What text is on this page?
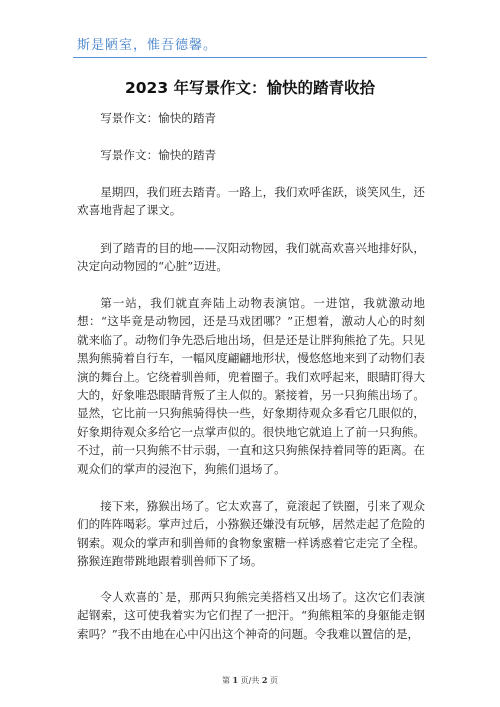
斯是陋室，惟吾德馨。
2023 年写景作文：愉快的踏青收拾

写景作文：愉快的踏青

写景作文：愉快的踏青

星期四，我们班去踏青。一路上，我们欢呼雀跃，谈笑风生，还欢喜地背起了课文。

到了踏青的目的地——汉阳动物园，我们就高欢喜兴地排好队，决定向动物园的“心脏”迈进。

第一站，我们就直奔陆上动物表演馆。一进馆，我就激动地想：“这毕竟是动物园，还是马戏团哪？”正想着，激动人心的时刻就来临了。动物们争先恐后地出场，但是还是让胖狗熊抢了先。只见黑狗熊骑着自行车，一幅风度翩翩地形状，慢悠悠地来到了动物们表演的舞台上。它绕着驯兽师，兜着圈子。我们欢呼起来，眼睛盯得大大的，好象唯恐眼睛背叛了主人似的。紧接着，另一只狗熊出场了。显然，它比前一只狗熊骑得快一些，好象期待观众多看它几眼似的，好象期待观众多给它一点掌声似的。很快地它就追上了前一只狗熊。不过，前一只狗熊不甘示弱，一直和这只狗熊保持着同等的距离。在观众们的掌声的浸泡下，狗熊们退场了。

接下来，猕猴出场了。它太欢喜了，竟滚起了铁圈，引来了观众们的阵阵喝彩。掌声过后，小猕猴还嫌没有玩够，居然走起了危险的钢索。观众的掌声和驯兽师的食物象蜜糖一样诱惑着它走完了全程。猕猴连跑带跳地跟着驯兽师下了场。

令人欢喜的`是，那两只狗熊完美搭档又出场了。这次它们表演起钢索，这可使我着实为它们捏了一把汗。“狗熊粗笨的身躯能走钢索吗？”我不由地在心中闪出这个神奇的问题。令我难以置信的是，

第 1 页/共 2 页
